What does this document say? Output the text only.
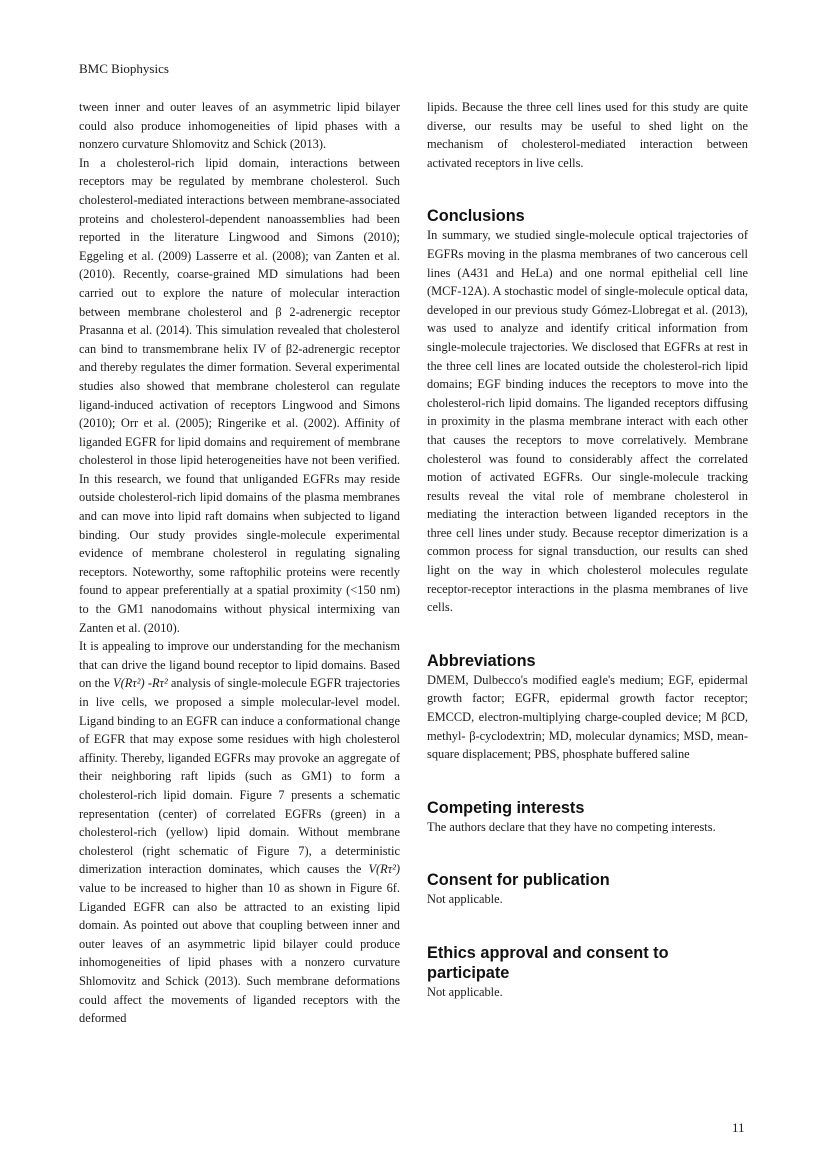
BMC Biophysics

tween inner and outer leaves of an asymmetric lipid bilayer could also produce inhomogeneities of lipid phases with a nonzero curvature Shlomovitz and Schick (2013).

In a cholesterol-rich lipid domain, interactions between receptors may be regulated by membrane cholesterol. Such cholesterol-mediated interactions between membrane-associated proteins and cholesterol-dependent nanoassemblies had been reported in the literature Lingwood and Simons (2010); Eggeling et al. (2009) Lasserre et al. (2008); van Zanten et al. (2010). Recently, coarse-grained MD simulations had been carried out to explore the nature of molecular interaction between membrane cholesterol and β 2-adrenergic receptor Prasanna et al. (2014). This simulation revealed that cholesterol can bind to transmembrane helix IV of β2-adrenergic receptor and thereby regulates the dimer formation. Several experimental studies also showed that membrane cholesterol can regulate ligand-induced activation of receptors Lingwood and Simons (2010); Orr et al. (2005); Ringerike et al. (2002). Affinity of liganded EGFR for lipid domains and requirement of membrane cholesterol in those lipid heterogeneities have not been verified. In this research, we found that unliganded EGFRs may reside outside cholesterol-rich lipid domains of the plasma membranes and can move into lipid raft domains when subjected to ligand binding. Our study provides single-molecule experimental evidence of membrane cholesterol in regulating signaling receptors. Noteworthy, some raftophilic proteins were recently found to appear preferentially at a spatial proximity (<150 nm) to the GM1 nanodomains without physical intermixing van Zanten et al. (2010).

It is appealing to improve our understanding for the mechanism that can drive the ligand bound receptor to lipid domains. Based on the V(Rτ²) -Rτ² analysis of single-molecule EGFR trajectories in live cells, we proposed a simple molecular-level model. Ligand binding to an EGFR can induce a conformational change of EGFR that may expose some residues with high cholesterol affinity. Thereby, liganded EGFRs may provoke an aggregate of their neighboring raft lipids (such as GM1) to form a cholesterol-rich lipid domain. Figure 7 presents a schematic representation (center) of correlated EGFRs (green) in a cholesterol-rich (yellow) lipid domain. Without membrane cholesterol (right schematic of Figure 7), a deterministic dimerization interaction dominates, which causes the V(Rτ²) value to be increased to higher than 10 as shown in Figure 6f. Liganded EGFR can also be attracted to an existing lipid domain. As pointed out above that coupling between inner and outer leaves of an asymmetric lipid bilayer could produce inhomogeneities of lipid phases with a nonzero curvature Shlomovitz and Schick (2013). Such membrane deformations could affect the movements of liganded receptors with the deformed

lipids. Because the three cell lines used for this study are quite diverse, our results may be useful to shed light on the mechanism of cholesterol-mediated interaction between activated receptors in live cells.

Conclusions

In summary, we studied single-molecule optical trajectories of EGFRs moving in the plasma membranes of two cancerous cell lines (A431 and HeLa) and one normal epithelial cell line (MCF-12A). A stochastic model of single-molecule optical data, developed in our previous study Gómez-Llobregat et al. (2013), was used to analyze and identify critical information from single-molecule trajectories. We disclosed that EGFRs at rest in the three cell lines are located outside the cholesterol-rich lipid domains; EGF binding induces the receptors to move into the cholesterol-rich lipid domains. The liganded receptors diffusing in proximity in the plasma membrane interact with each other that causes the receptors to move correlatively. Membrane cholesterol was found to considerably affect the correlated motion of activated EGFRs. Our single-molecule tracking results reveal the vital role of membrane cholesterol in mediating the interaction between liganded receptors in the three cell lines under study. Because receptor dimerization is a common process for signal transduction, our results can shed light on the way in which cholesterol molecules regulate receptor-receptor interactions in the plasma membranes of live cells.

Abbreviations

DMEM, Dulbecco's modified eagle's medium; EGF, epidermal growth factor; EGFR, epidermal growth factor receptor; EMCCD, electron-multiplying charge-coupled device; M βCD, methyl- β-cyclodextrin; MD, molecular dynamics; MSD, mean-square displacement; PBS, phosphate buffered saline

Competing interests

The authors declare that they have no competing interests.

Consent for publication

Not applicable.

Ethics approval and consent to participate

Not applicable.

11
